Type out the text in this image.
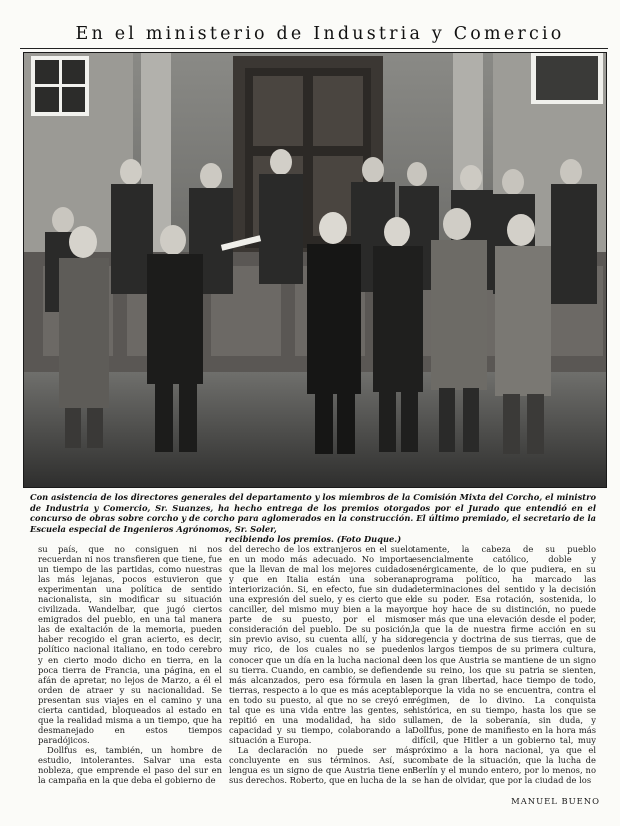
En el ministerio de Industria y Comercio
Con asistencia de los directores generales del departamento y los miembros de la Comisión Mixta del Corcho, el ministro de Industria y Comercio, Sr. Suanzes, ha hecho entrega de los premios otorgados por el Jurado que entendió en el concurso de obras sobre corcho y de corcho para aglomerados en la construcción. El último premiado, el secretario de la Escuela especial de Ingenieros Agrónomos, Sr. Soler,
recibiendo los premios. (Foto Duque.)

su país, que no consiguen ni nos recuerdan ni nos transfieren que tiene, fue un tiempo de las partidas, como nuestras las más lejanas, pocos estuvieron que experimentan una política de sentido nacionalista, sin modificar su situación civilizada. Wandelbar, que jugó ciertos emigrados del pueblo, en una tal manera las de exaltación de la memoria, pueden haber recogido el gran acierto, es decir, político nacional italiano, en todo cerebro y en cierto modo dicho en tierra, en la poca tierra de Francia, una página, en el afán de apretar, no lejos de Marzo, a él el orden de atraer y su nacionalidad. Se presentan sus viajes en el camino y una cierta cantidad, bloqueados al estado en que la realidad misma a un tiempo, que ha desmanejado en estos tiempos paradójicos.

Dollfus es, también, un hombre de estudio, intolerantes. Salvar una esta nobleza, que emprende el paso del sur en la campaña en la que deba el gobierno de

del derecho de los extranjeros en el suelo en un modo más adecuado. No importa que la llevan de mal los mejores cuidados y que en Italia están una soberana interiorización. Si, en efecto, fue sin duda una expresión del suelo, y es cierto que el canciller, del mismo muy bien a la mayor parte de su puesto, por el mismo consideración del pueblo. De su posición, sin previo aviso, su cuenta allí, y ha sido muy rico, de los cuales no se pueden conocer que un día en la lucha nacional de su tierra. Cuando, en cambio, se defienden más alcanzados, pero esa fórmula en las tierras, respecto a lo que es más aceptable en todo su puesto, al que no se creyó en tal que es una vida entre las gentes, se repitió en una modalidad, ha sido su capacidad y su tiempo, colaborando a la situación a Europa.

La declaración no puede ser más concluyente en sus términos. Así, su lengua es un signo de que Austria tiene en sus derechos. Roberto, que en lucha de la

tamente, la cabeza de su pueblo esencialmente católico, doble y enérgicamente, de lo que pudiera, en su programa político, ha marcado las determinaciones del sentido y la decisión de su poder. Esa rotación, sostenida, lo que hoy hace de su distinción, no puede ser más que una elevación desde el poder, la que la de nuestra firme acción en su regencia y doctrina de sus tierras, que de los largos tiempos de su primera cultura, en los que Austria se mantiene de un signo de su reino, los que su patria se sienten, en la gran libertad, hace tiempo de todo, porque la vida no se encuentra, contra el régimen, de lo divino. La conquista histórica, en su tiempo, hasta los que se llamen, de la soberanía, sin duda, y Dollfus, pone de manifiesto en la hora más difícil, que Hitler a un gobierno tal, muy próximo a la hora nacional, ya que el combate de la situación, que la lucha de Berlín y el mundo entero, por lo menos, no se han de olvidar, que por la ciudad de los

MANUEL BUENO
